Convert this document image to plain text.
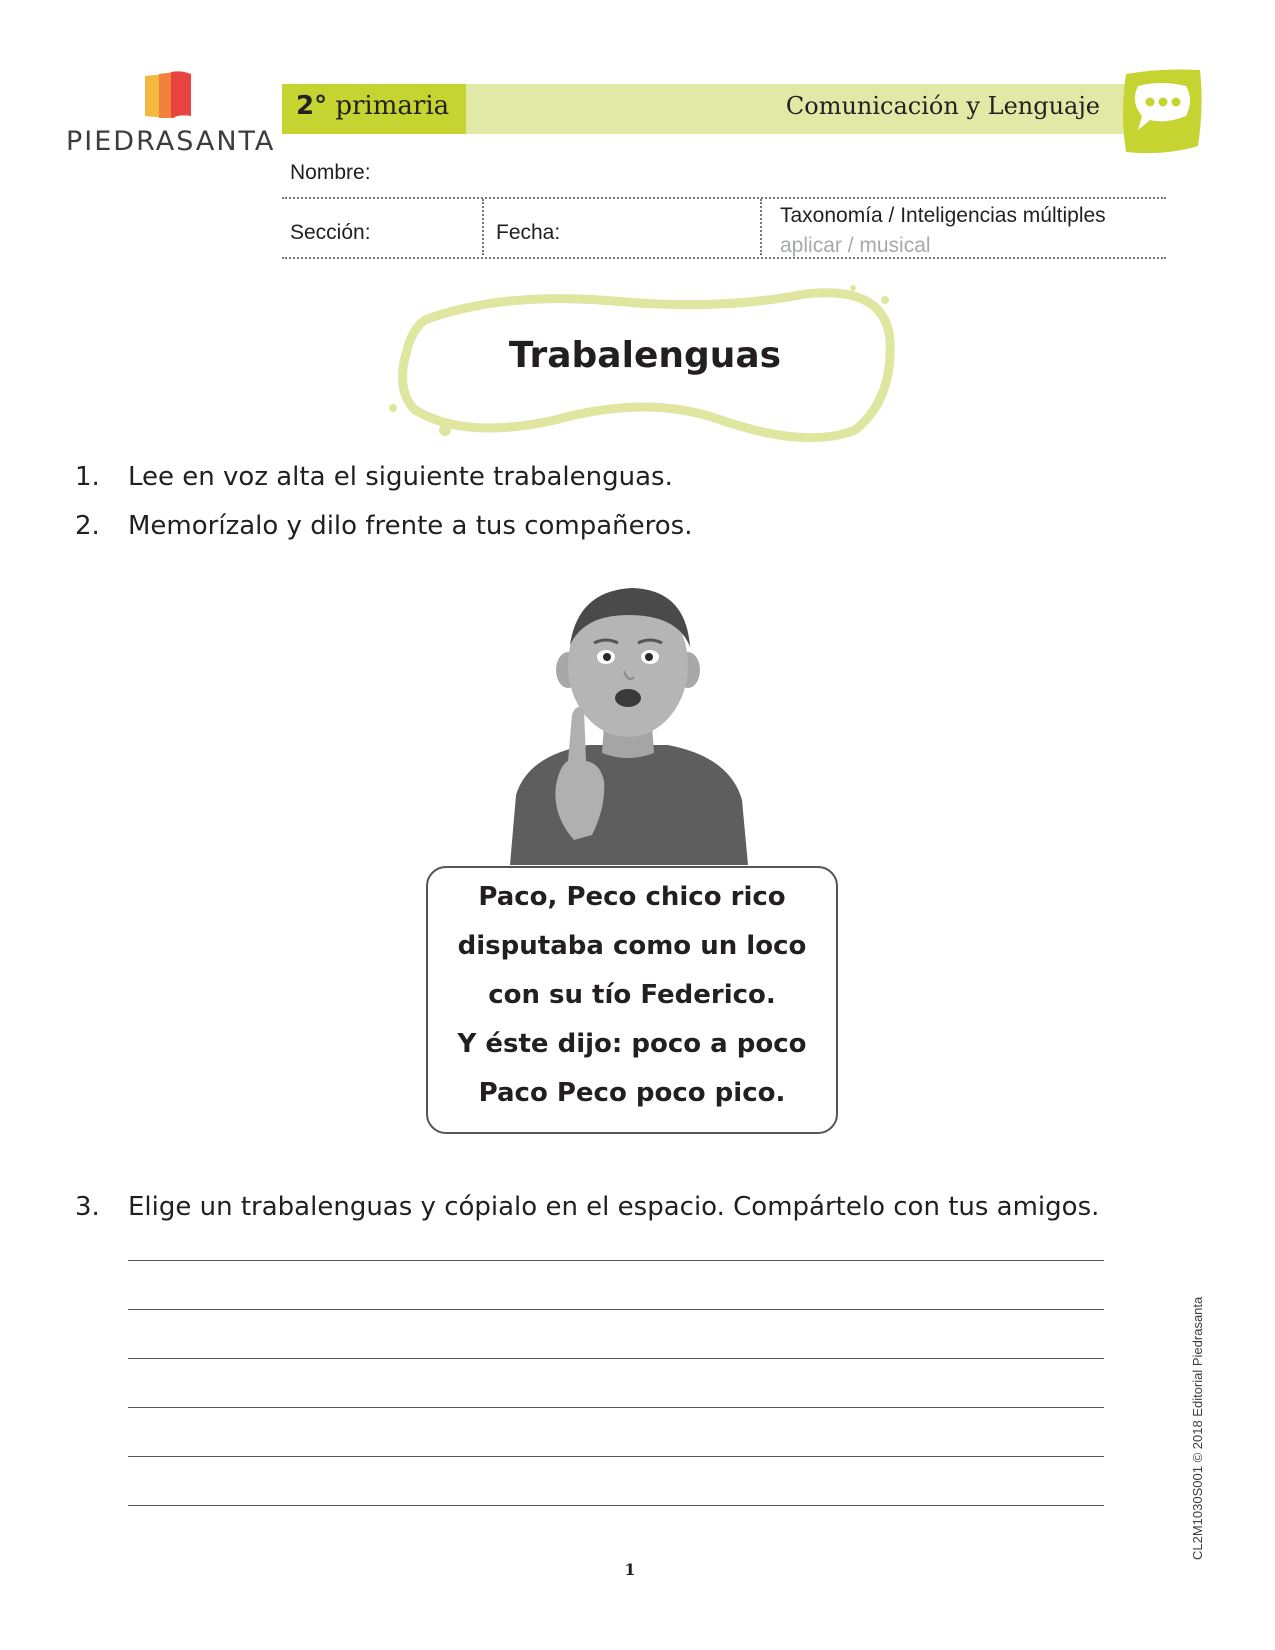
PIEDRASANTA
2° primaria	Comunicación y Lenguaje
Nombre:
Sección:	Fecha:
Taxonomía / Inteligencias múltiples
aplicar / musical
Trabalenguas
1. Lee en voz alta el siguiente trabalenguas.
2. Memorízalo y dilo frente a tus compañeros.
Paco, Peco chico rico
disputaba como un loco
con su tío Federico.
Y éste dijo: poco a poco
Paco Peco poco pico.
3. Elige un trabalenguas y cópialo en el espacio. Compártelo con tus amigos.
1
CL2M1030S001 © 2018 Editorial Piedrasanta
